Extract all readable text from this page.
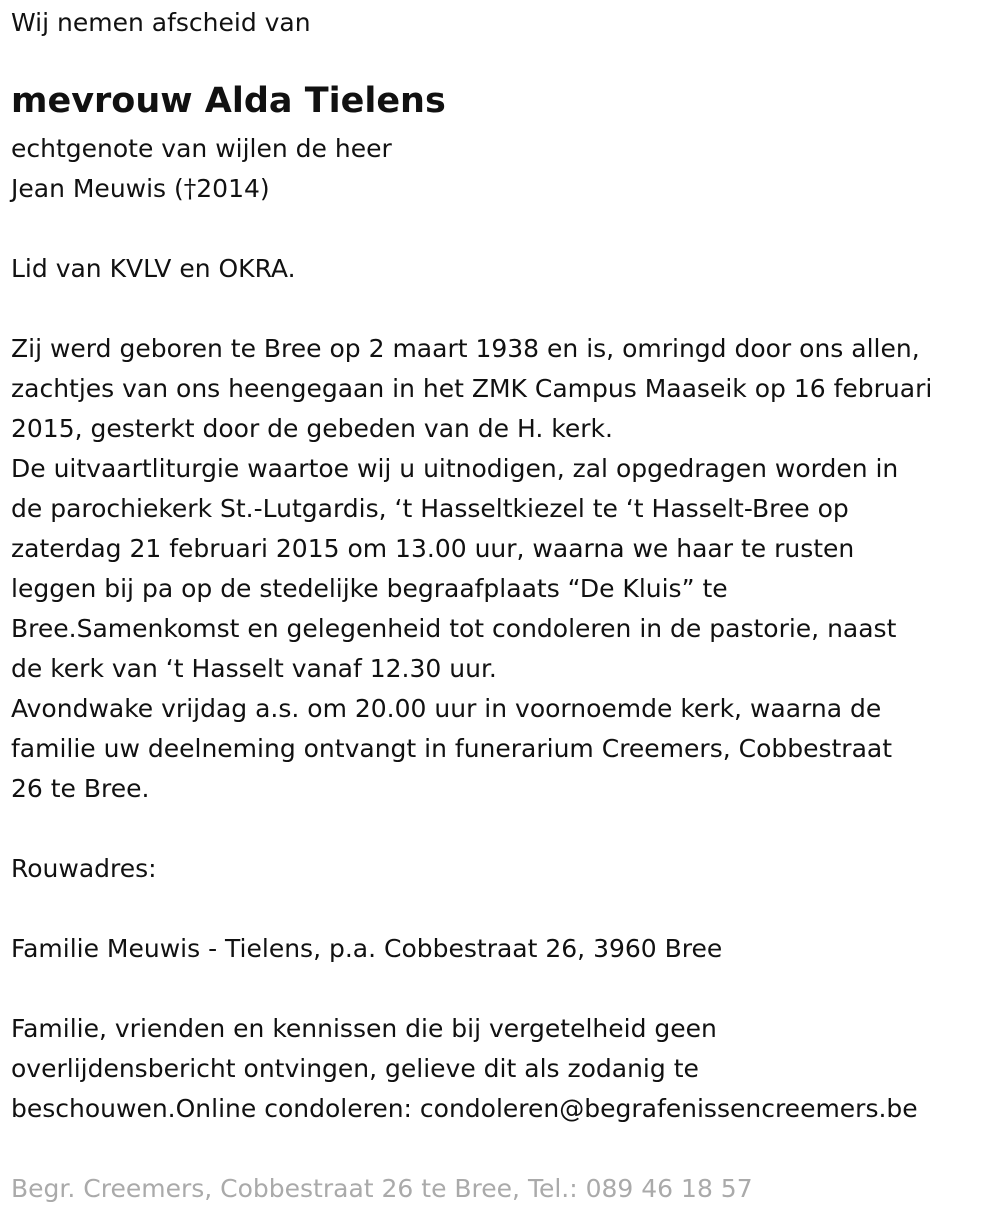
Wij nemen afscheid van

mevrouw Alda Tielens

echtgenote van wijlen de heer

Jean Meuwis (†2014)

Lid van KVLV en OKRA.

Zij werd geboren te Bree op 2 maart 1938 en is, omringd door ons allen,

zachtjes van ons heengegaan in het ZMK Campus Maaseik op 16 februari

2015, gesterkt door de gebeden van de H. kerk.

De uitvaartliturgie waartoe wij u uitnodigen, zal opgedragen worden in

de parochiekerk St.-Lutgardis, ‘t Hasseltkiezel te ‘t Hasselt-Bree op

zaterdag 21 februari 2015 om 13.00 uur, waarna we haar te rusten

leggen bij pa op de stedelijke begraafplaats “De Kluis” te

Bree.Samenkomst en gelegenheid tot condoleren in de pastorie, naast

de kerk van ‘t Hasselt vanaf 12.30 uur.

Avondwake vrijdag a.s. om 20.00 uur in voornoemde kerk, waarna de

familie uw deelneming ontvangt in funerarium Creemers, Cobbestraat

26 te Bree.

Rouwadres:

Familie Meuwis - Tielens, p.a. Cobbestraat 26, 3960 Bree

Familie, vrienden en kennissen die bij vergetelheid geen

overlijdensbericht ontvingen, gelieve dit als zodanig te

beschouwen.Online condoleren: condoleren@begrafenissencreemers.be

Begr. Creemers, Cobbestraat 26 te Bree, Tel.: 089 46 18 57
